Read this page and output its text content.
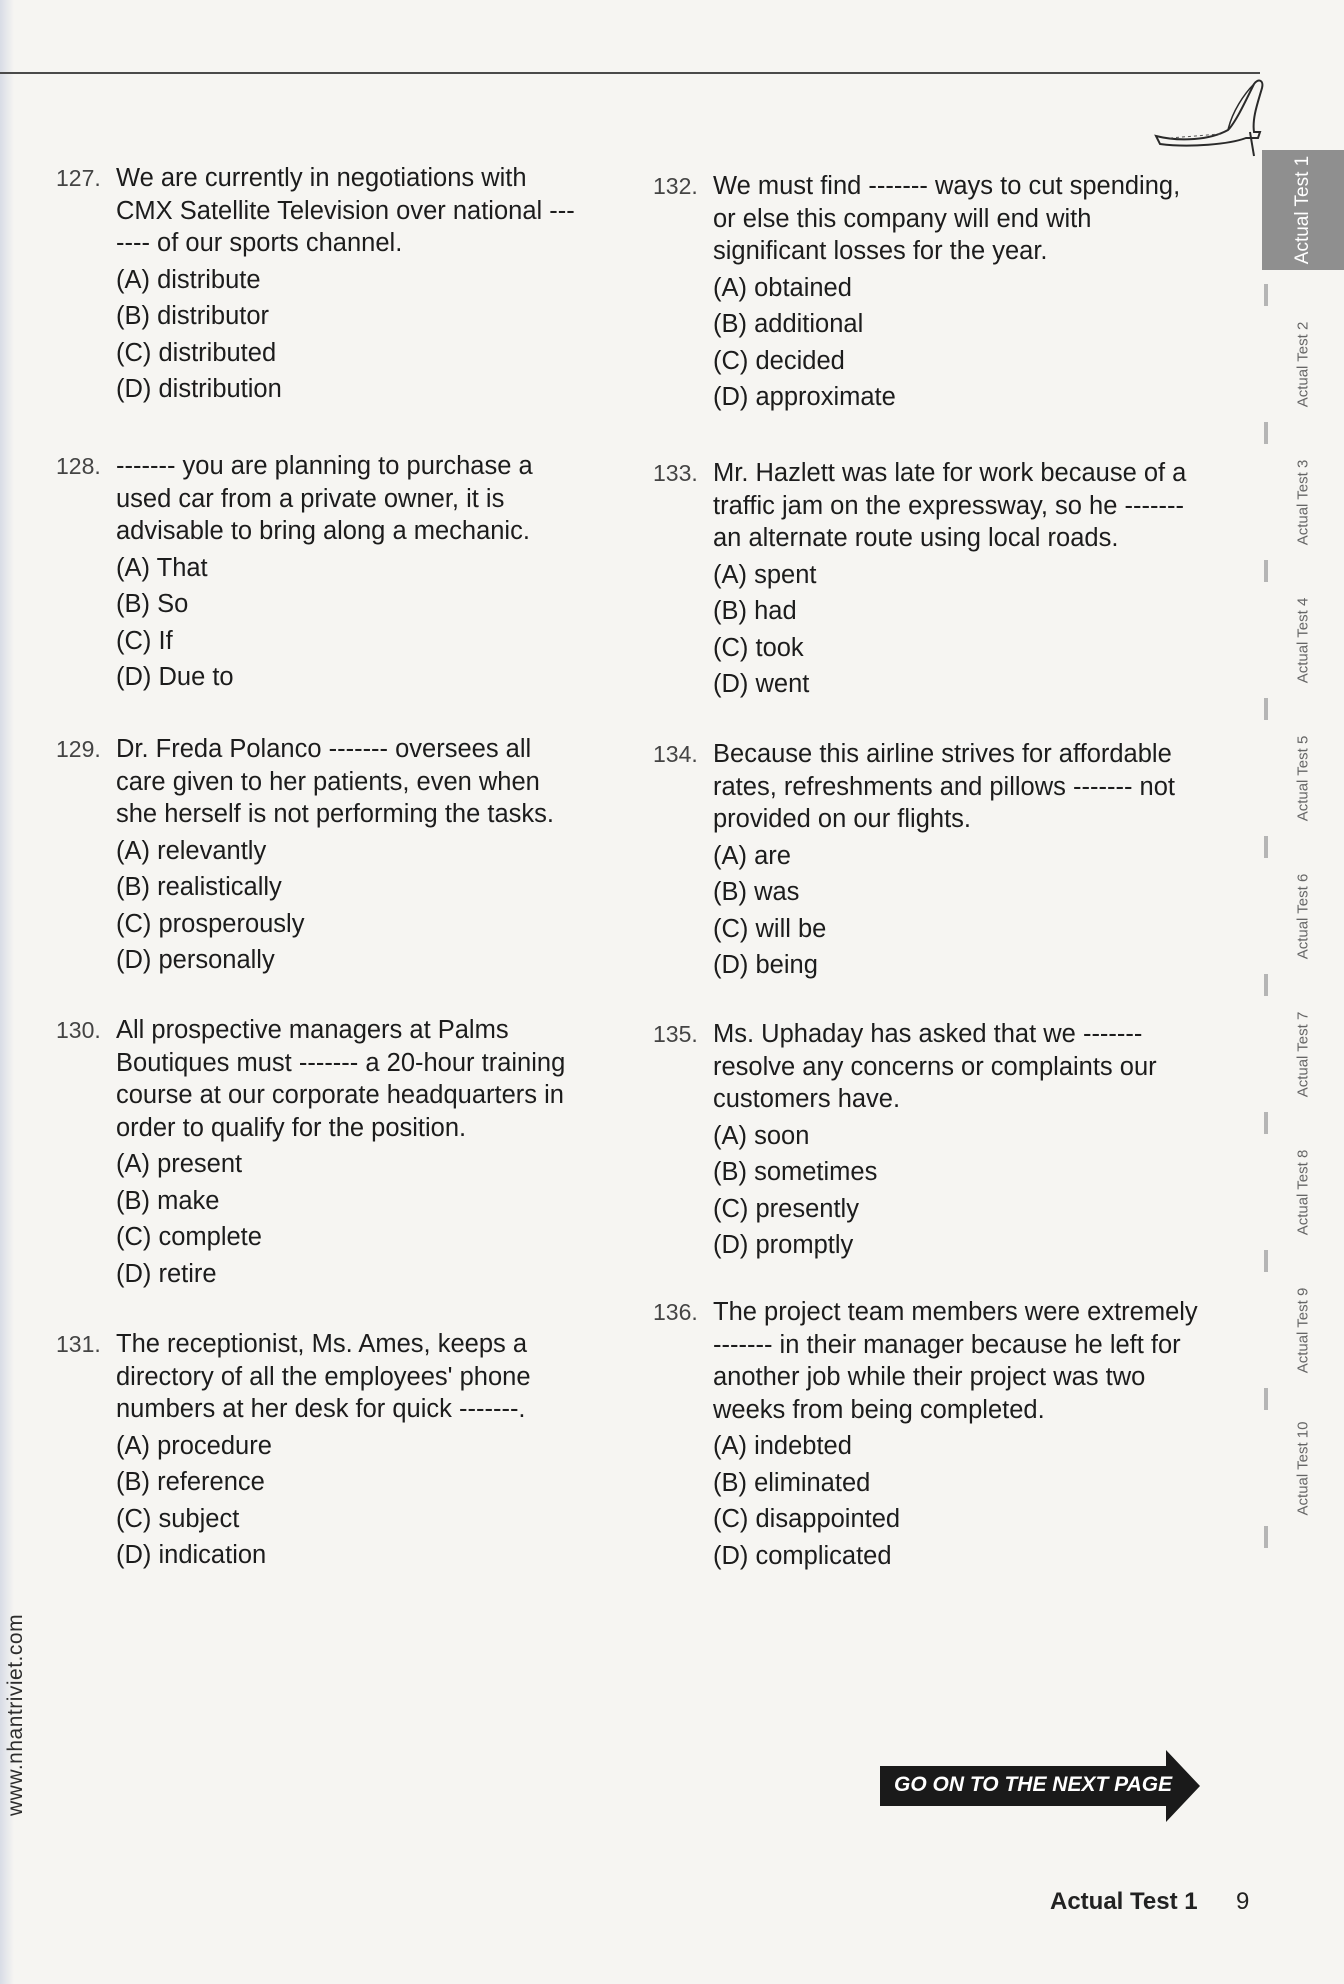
www.nhantriviet.com
127. We are currently in negotiations with CMX Satellite Television over national ------- of our sports channel.
(A) distribute
(B) distributor
(C) distributed
(D) distribution
128. ------- you are planning to purchase a used car from a private owner, it is advisable to bring along a mechanic.
(A) That
(B) So
(C) If
(D) Due to
129. Dr. Freda Polanco ------- oversees all care given to her patients, even when she herself is not performing the tasks.
(A) relevantly
(B) realistically
(C) prosperously
(D) personally
130. All prospective managers at Palms Boutiques must ------- a 20-hour training course at our corporate headquarters in order to qualify for the position.
(A) present
(B) make
(C) complete
(D) retire
131. The receptionist, Ms. Ames, keeps a directory of all the employees' phone numbers at her desk for quick -------.
(A) procedure
(B) reference
(C) subject
(D) indication
132. We must find ------- ways to cut spending, or else this company will end with significant losses for the year.
(A) obtained
(B) additional
(C) decided
(D) approximate
133. Mr. Hazlett was late for work because of a traffic jam on the expressway, so he ------- an alternate route using local roads.
(A) spent
(B) had
(C) took
(D) went
134. Because this airline strives for affordable rates, refreshments and pillows ------- not provided on our flights.
(A) are
(B) was
(C) will be
(D) being
135. Ms. Uphaday has asked that we ------- resolve any concerns or complaints our customers have.
(A) soon
(B) sometimes
(C) presently
(D) promptly
136. The project team members were extremely ------- in their manager because he left for another job while their project was two weeks from being completed.
(A) indebted
(B) eliminated
(C) disappointed
(D) complicated
Actual Test 1
Actual Test 2
Actual Test 3
Actual Test 4
Actual Test 5
Actual Test 6
Actual Test 7
Actual Test 8
Actual Test 9
Actual Test 10
GO ON TO THE NEXT PAGE
Actual Test 1 9
